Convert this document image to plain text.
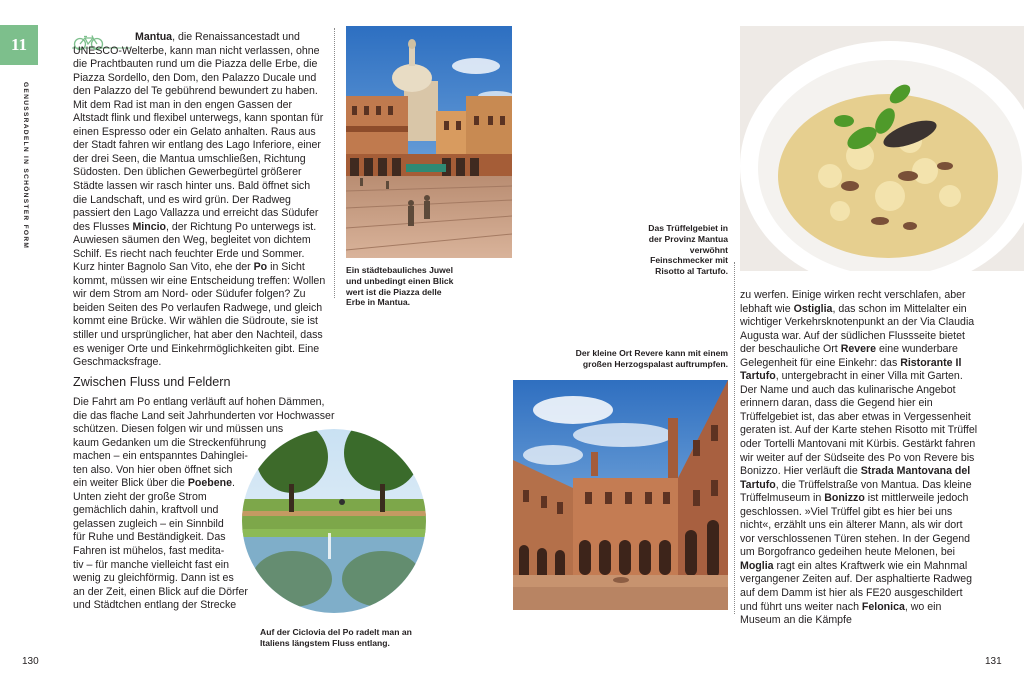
11
GENUSSRADELN IN SCHÖNSTER FORM

Mantua, die Renaissancestadt und UNESCO-Welterbe, kann man nicht verlassen, ohne die Prachtbauten rund um die Piazza delle Erbe, die Piazza Sordello, den Dom, den Palazzo Ducale und den Palazzo del Te gebührend bewundert zu haben. Mit dem Rad ist man in den engen Gassen der Altstadt flink und flexibel unterwegs, kann spontan für einen Espresso oder ein Gelato anhalten. Raus aus der Stadt fahren wir entlang des Lago Inferiore, einer der drei Seen, die Mantua umschließen, Richtung Südosten. Den üblichen Gewerbegürtel größerer Städte lassen wir rasch hinter uns. Bald öffnet sich die Landschaft, und es wird grün. Der Radweg passiert den Lago Vallazza und erreicht das Südufer des Flusses Mincio, der Richtung Po unterwegs ist. Auwiesen säumen den Weg, begleitet von dichtem Schilf. Es riecht nach feuchter Erde und Sommer. Kurz hinter Bagnolo San Vito, ehe der Po in Sicht kommt, müssen wir eine Entscheidung treffen: Wollen wir dem Strom am Nord- oder Südufer folgen? Zu beiden Seiten des Po verlaufen Radwege, und gleich kommt eine Brücke. Wir wählen die Südroute, sie ist stiller und ursprünglicher, hat aber den Nachteil, dass es weniger Orte und Einkehrmöglichkeiten gibt. Eine Geschmacksfrage.

Zwischen Fluss und Feldern
Die Fahrt am Po entlang verläuft auf hohen Dämmen,
die das flache Land seit Jahrhunderten vor Hochwasser
schützen. Diesen folgen wir und müssen uns
kaum Gedanken um die Streckenführung
machen – ein entspanntes Dahinglei-
ten also. Von hier oben öffnet sich
ein weiter Blick über die Poebene.
Unten zieht der große Strom
gemächlich dahin, kraftvoll und
gelassen zugleich – ein Sinnbild
für Ruhe und Beständigkeit. Das
Fahren ist mühelos, fast medita-
tiv – für manche vielleicht fast ein
wenig zu gleichförmig. Dann ist es
an der Zeit, einen Blick auf die Dörfer
und Städtchen entlang der Strecke
Ein städtebauliches Juwel und unbedingt einen Blick wert ist die Piazza delle Erbe in Mantua.
Das Trüffelgebiet in der Provinz Mantua verwöhnt Feinschmecker mit Risotto al Tartufo.
Auf der Ciclovia del Po radelt man an Italiens längstem Fluss entlang.
Der kleine Ort Revere kann mit einem großen Herzogspalast auftrumpfen.

zu werfen. Einige wirken recht verschlafen, aber lebhaft wie Ostiglia, das schon im Mittelalter ein wichtiger Verkehrsknotenpunkt an der Via Claudia Augusta war. Auf der südlichen Flussseite bietet der beschauliche Ort Revere eine wunderbare Gelegenheit für eine Einkehr: das Ristorante Il Tartufo, untergebracht in einer Villa mit Garten. Der Name und auch das kulinarische Angebot erinnern daran, dass die Gegend hier ein Trüffelgebiet ist, das aber etwas in Vergessenheit geraten ist. Auf der Karte stehen Risotto mit Trüffel oder Tortelli Mantovani mit Kürbis. Gestärkt fahren wir weiter auf der Südseite des Po von Revere bis Bonizzo. Hier verläuft die Strada Mantovana del Tartufo, die Trüffelstraße von Mantua. Das kleine Trüffelmuseum in Bonizzo ist mittlerweile jedoch geschlossen. »Viel Trüffel gibt es hier bei uns nicht«, erzählt uns ein älterer Mann, als wir dort vor verschlossenen Türen stehen. In der Gegend um Borgofranco gedeihen heute Melonen, bei Moglia ragt ein altes Kraftwerk wie ein Mahnmal vergangener Zeiten auf. Der asphaltierte Radweg auf dem Damm ist hier als FE20 ausgeschildert und führt uns weiter nach Felonica, wo ein Museum an die Kämpfe

130	131
